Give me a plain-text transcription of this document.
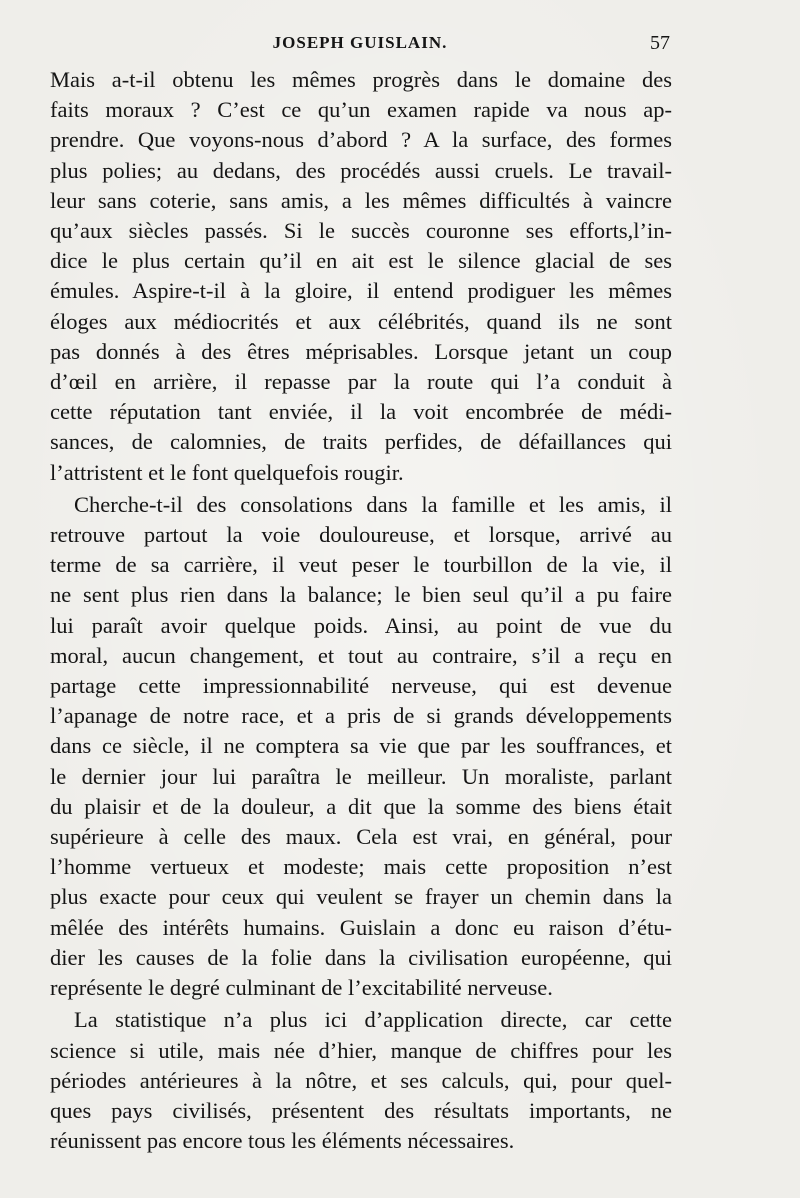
JOSEPH GUISLAIN.	57

Mais a-t-il obtenu les mêmes progrès dans le domaine des
faits moraux ? C’est ce qu’un examen rapide va nous ap-
prendre. Que voyons-nous d’abord ? A la surface, des formes
plus polies; au dedans, des procédés aussi cruels. Le travail-
leur sans coterie, sans amis, a les mêmes difficultés à vaincre
qu’aux siècles passés. Si le succès couronne ses efforts,l’in-
dice le plus certain qu’il en ait est le silence glacial de ses
émules. Aspire-t-il à la gloire, il entend prodiguer les mêmes
éloges aux médiocrités et aux célébrités, quand ils ne sont
pas donnés à des êtres méprisables. Lorsque jetant un coup
d’œil en arrière, il repasse par la route qui l’a conduit à
cette réputation tant enviée, il la voit encombrée de médi-
sances, de calomnies, de traits perfides, de défaillances qui
l’attristent et le font quelquefois rougir.

Cherche-t-il des consolations dans la famille et les amis, il
retrouve partout la voie douloureuse, et lorsque, arrivé au
terme de sa carrière, il veut peser le tourbillon de la vie, il
ne sent plus rien dans la balance; le bien seul qu’il a pu faire
lui paraît avoir quelque poids. Ainsi, au point de vue du
moral, aucun changement, et tout au contraire, s’il a reçu en
partage cette impressionnabilité nerveuse, qui est devenue
l’apanage de notre race, et a pris de si grands développements
dans ce siècle, il ne comptera sa vie que par les souffrances, et
le dernier jour lui paraîtra le meilleur. Un moraliste, parlant
du plaisir et de la douleur, a dit que la somme des biens était
supérieure à celle des maux. Cela est vrai, en général, pour
l’homme vertueux et modeste; mais cette proposition n’est
plus exacte pour ceux qui veulent se frayer un chemin dans la
mêlée des intérêts humains. Guislain a donc eu raison d’étu-
dier les causes de la folie dans la civilisation européenne, qui
représente le degré culminant de l’excitabilité nerveuse.

La statistique n’a plus ici d’application directe, car cette
science si utile, mais née d’hier, manque de chiffres pour les
périodes antérieures à la nôtre, et ses calculs, qui, pour quel-
ques pays civilisés, présentent des résultats importants, ne
réunissent pas encore tous les éléments nécessaires.
